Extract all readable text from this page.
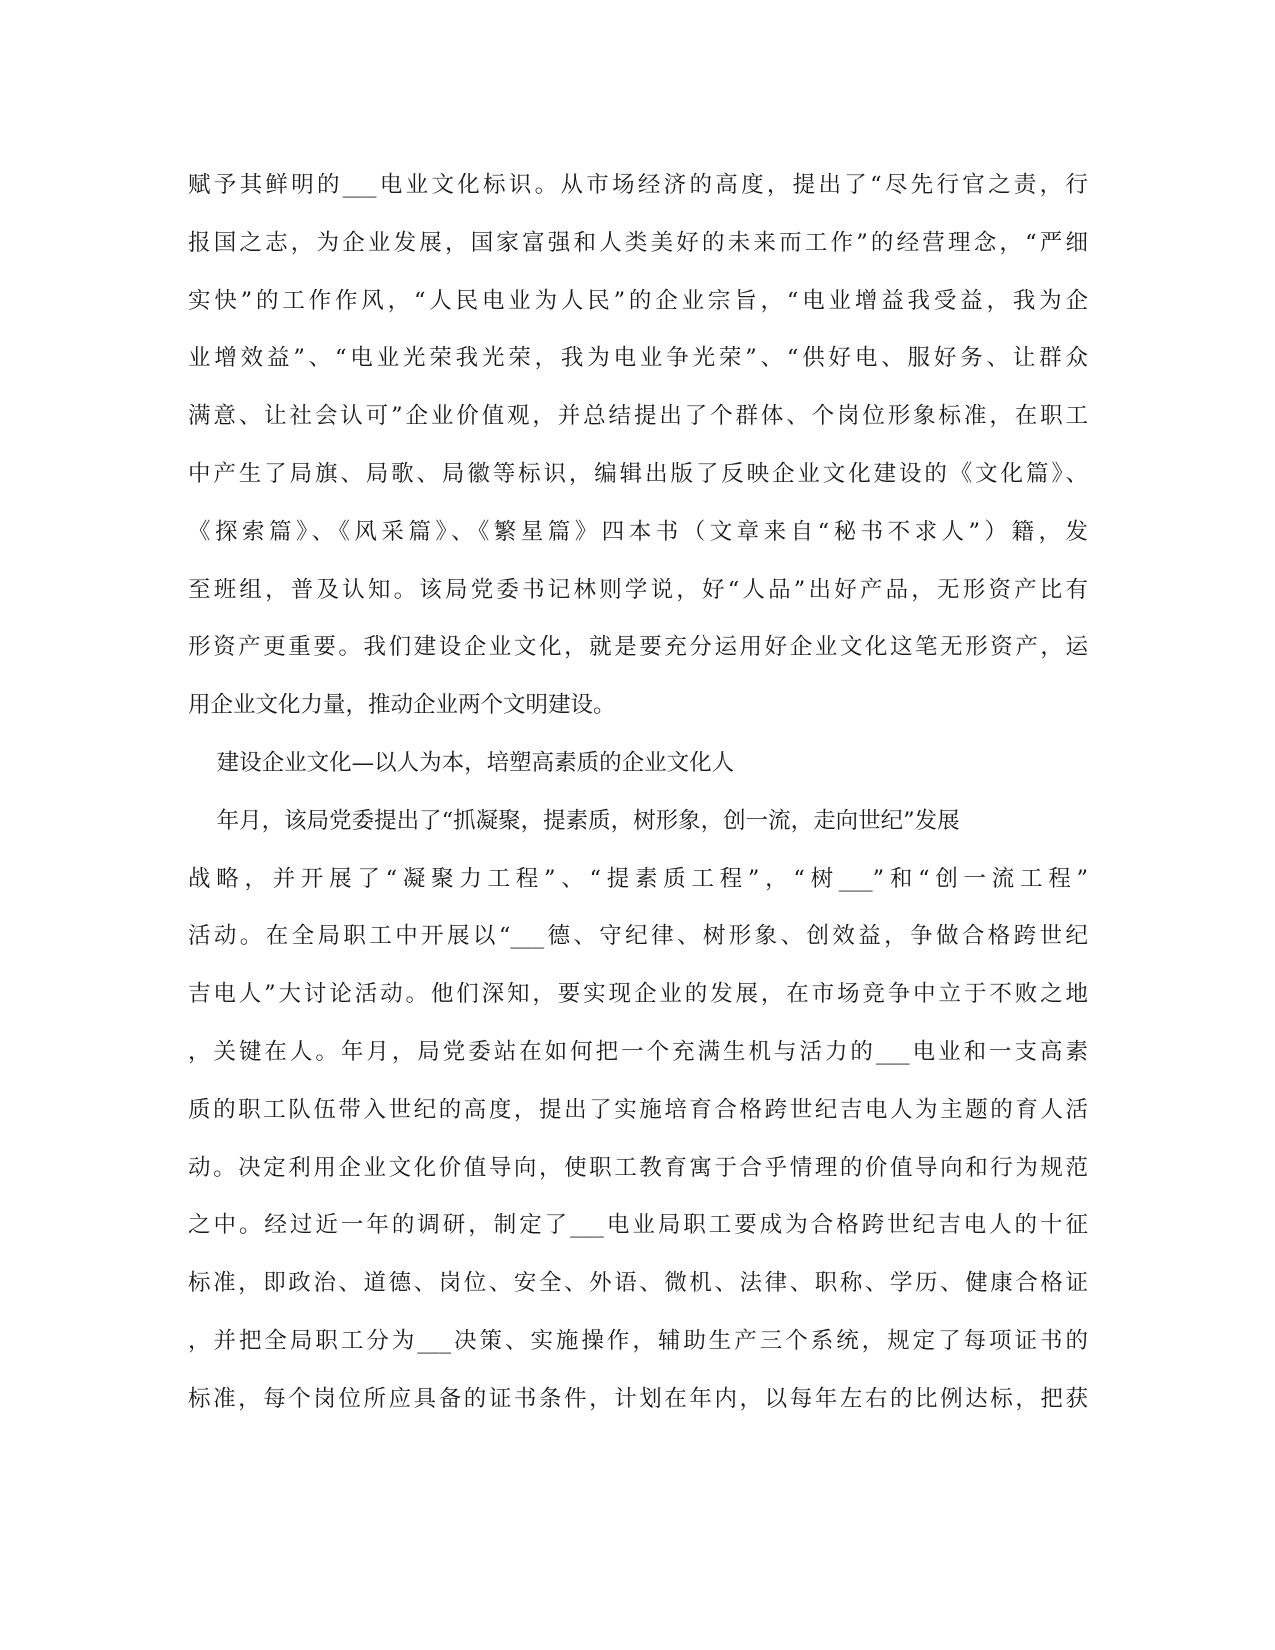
赋予其鲜明的___电业文化标识。从市场经济的高度，提出了“尽先行官之责，行
报国之志，为企业发展，国家富强和人类美好的未来而工作”的经营理念，“严细
实快”的工作作风，“人民电业为人民”的企业宗旨，“电业增益我受益，我为企
业增效益”、“电业光荣我光荣，我为电业争光荣”、“供好电、服好务、让群众
满意、让社会认可”企业价值观，并总结提出了个群体、个岗位形象标准，在职工
中产生了局旗、局歌、局徽等标识，编辑出版了反映企业文化建设的《文化篇》、
《探索篇》、《风采篇》、《繁星篇》四本书（文章来自“秘书不求人”）籍，发
至班组，普及认知。该局党委书记林则学说，好“人品”出好产品，无形资产比有
形资产更重要。我们建设企业文化，就是要充分运用好企业文化这笔无形资产，运
用企业文化力量，推动企业两个文明建设。
建设企业文化—以人为本，培塑高素质的企业文化人
年月，该局党委提出了“抓凝聚，提素质，树形象，创一流，走向世纪”发展
战略，并开展了“凝聚力工程”、“提素质工程”，“树___”和“创一流工程”
活动。在全局职工中开展以“___德、守纪律、树形象、创效益，争做合格跨世纪
吉电人”大讨论活动。他们深知，要实现企业的发展，在市场竞争中立于不败之地
，关键在人。年月，局党委站在如何把一个充满生机与活力的___电业和一支高素
质的职工队伍带入世纪的高度，提出了实施培育合格跨世纪吉电人为主题的育人活
动。决定利用企业文化价值导向，使职工教育寓于合乎情理的价值导向和行为规范
之中。经过近一年的调研，制定了___电业局职工要成为合格跨世纪吉电人的十征
标准，即政治、道德、岗位、安全、外语、微机、法律、职称、学历、健康合格证
，并把全局职工分为___决策、实施操作，辅助生产三个系统，规定了每项证书的
标准，每个岗位所应具备的证书条件，计划在年内，以每年左右的比例达标，把获
